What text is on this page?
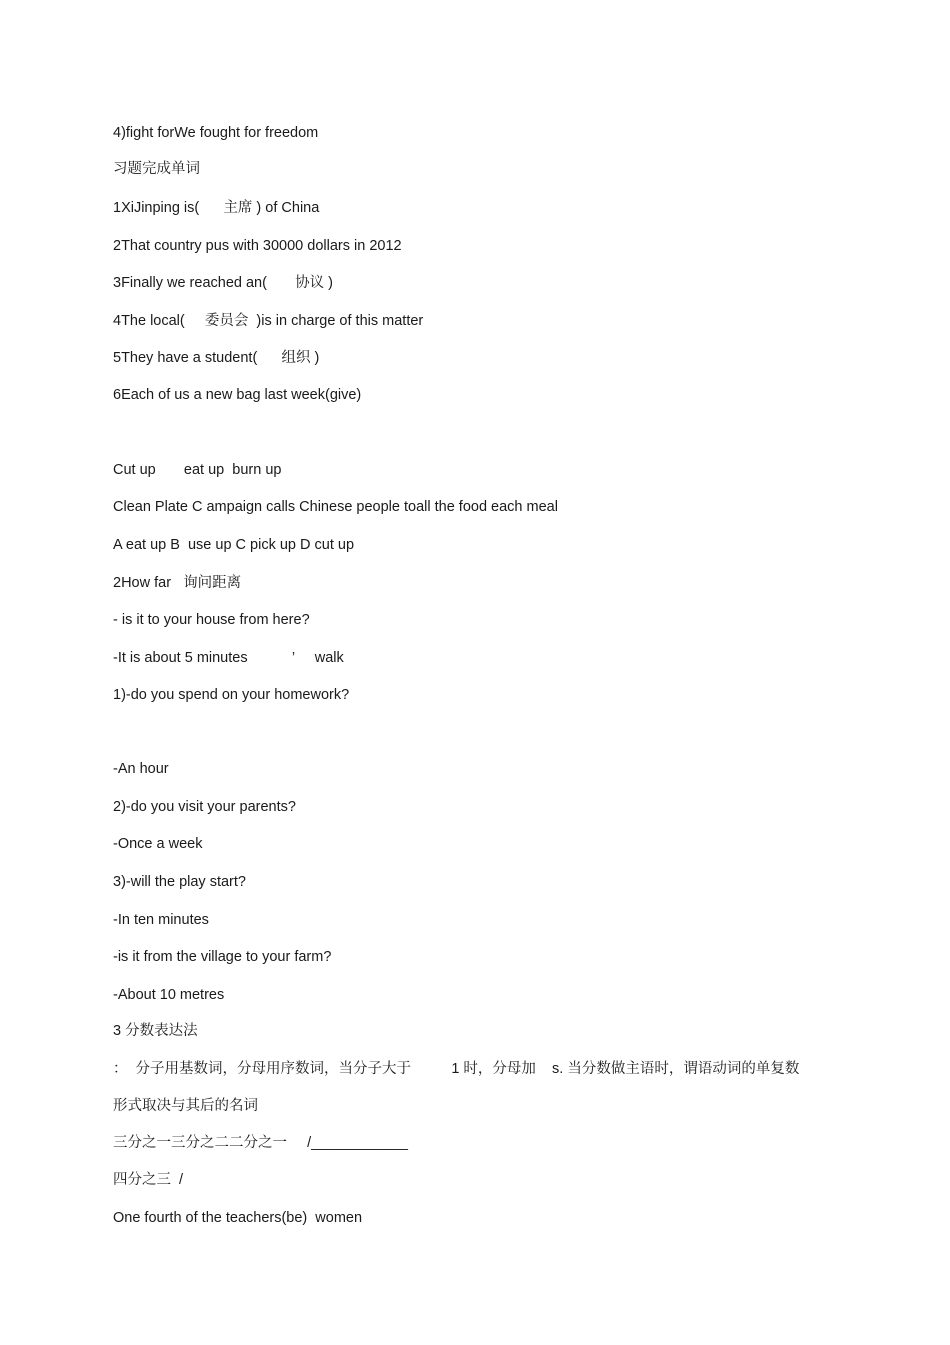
4)fight forWe fought for freedom

习题完成单词

1XiJinping is(      主席 ) of China

2That country pus with 30000 dollars in 2012

3Finally we reached an(       协议 )

4The local(     委员会  )is in charge of this matter

5They have a student(      组织 )

6Each of us a new bag last week(give)

Cut up       eat up  burn up

Clean Plate C ampaign calls Chinese people toall the food each meal

A eat up B  use up C pick up D cut up

2How far   询问距离

- is it to your house from here?

-It is about 5 minutes           ’     walk

1)-do you spend on your homework?

-An hour

2)-do you visit your parents?

-Once a week

3)-will the play start?

-In ten minutes

-is it from the village to your farm?

-About 10 metres

3 分数表达法

：  分子用基数词，分母用序数词，当分子大于          1 时，分母加    s. 当分数做主语时，谓语动词的单复数

形式取决与其后的名词

三分之一三分之二二分之一     /____________

四分之三  /

One fourth of the teachers(be)  women
